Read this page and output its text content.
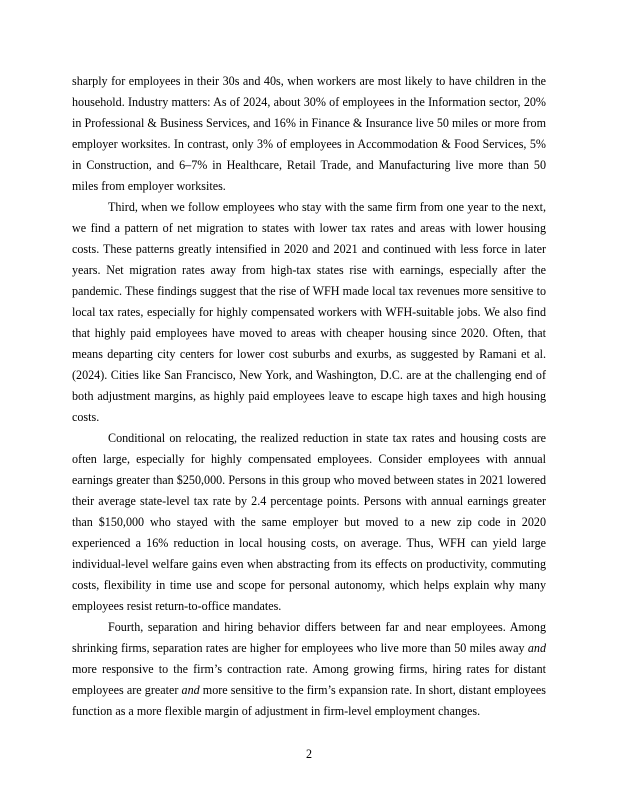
sharply for employees in their 30s and 40s, when workers are most likely to have children in the household. Industry matters: As of 2024, about 30% of employees in the Information sector, 20% in Professional & Business Services, and 16% in Finance & Insurance live 50 miles or more from employer worksites. In contrast, only 3% of employees in Accommodation & Food Services, 5% in Construction, and 6–7% in Healthcare, Retail Trade, and Manufacturing live more than 50 miles from employer worksites.

Third, when we follow employees who stay with the same firm from one year to the next, we find a pattern of net migration to states with lower tax rates and areas with lower housing costs. These patterns greatly intensified in 2020 and 2021 and continued with less force in later years. Net migration rates away from high-tax states rise with earnings, especially after the pandemic. These findings suggest that the rise of WFH made local tax revenues more sensitive to local tax rates, especially for highly compensated workers with WFH-suitable jobs. We also find that highly paid employees have moved to areas with cheaper housing since 2020. Often, that means departing city centers for lower cost suburbs and exurbs, as suggested by Ramani et al. (2024). Cities like San Francisco, New York, and Washington, D.C. are at the challenging end of both adjustment margins, as highly paid employees leave to escape high taxes and high housing costs.

Conditional on relocating, the realized reduction in state tax rates and housing costs are often large, especially for highly compensated employees. Consider employees with annual earnings greater than $250,000. Persons in this group who moved between states in 2021 lowered their average state-level tax rate by 2.4 percentage points. Persons with annual earnings greater than $150,000 who stayed with the same employer but moved to a new zip code in 2020 experienced a 16% reduction in local housing costs, on average. Thus, WFH can yield large individual-level welfare gains even when abstracting from its effects on productivity, commuting costs, flexibility in time use and scope for personal autonomy, which helps explain why many employees resist return-to-office mandates.

Fourth, separation and hiring behavior differs between far and near employees. Among shrinking firms, separation rates are higher for employees who live more than 50 miles away and more responsive to the firm’s contraction rate. Among growing firms, hiring rates for distant employees are greater and more sensitive to the firm’s expansion rate. In short, distant employees function as a more flexible margin of adjustment in firm-level employment changes.

2
